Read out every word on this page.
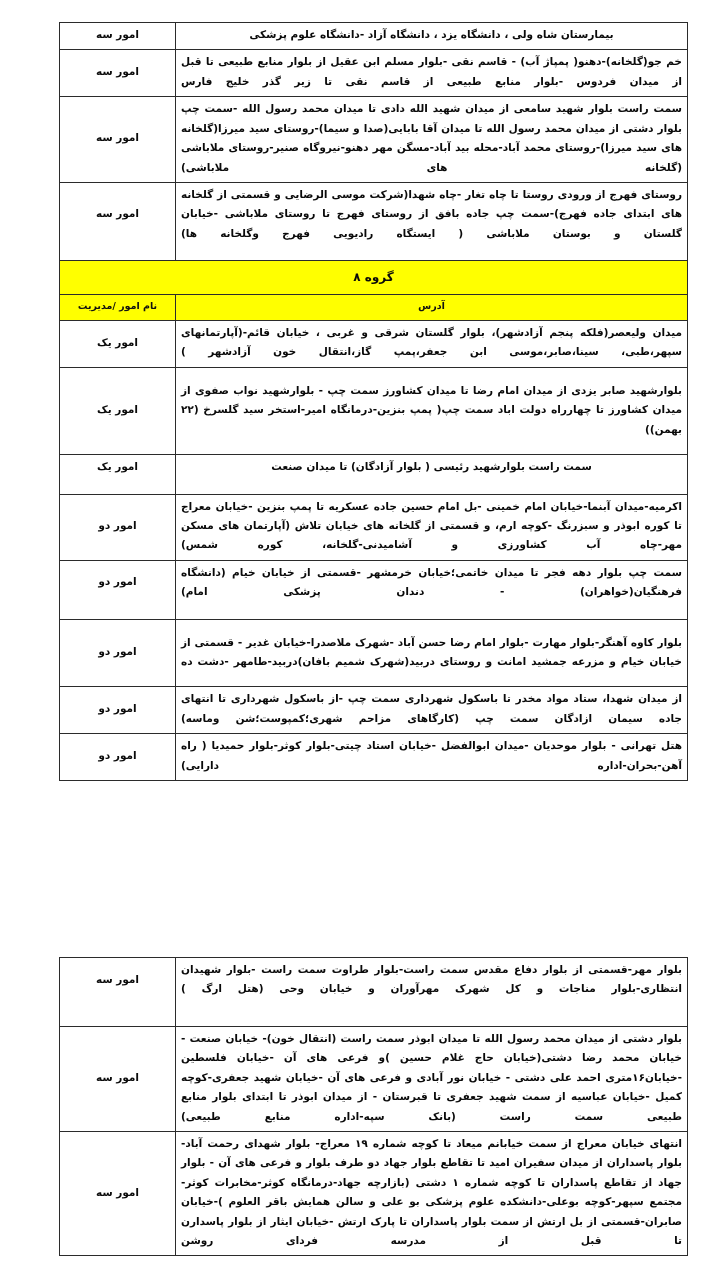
بیمارستان شاه ولی ، دانشگاه یزد ، دانشگاه آزاد -دانشگاه علوم پزشکی	امور سه
خم جو(گلخانه)-دهنو( پمپاژ آب) - قاسم نقی -بلوار مسلم ابن عقیل از بلوار منابع طبیعی تا قبل از میدان فردوس -بلوار منابع طبیعی از قاسم نقی تا زیر گذر خلیج فارس	امور سه
سمت راست بلوار شهید سامعی از میدان شهید الله دادی تا میدان محمد رسول الله -سمت چپ بلوار دشتی از میدان محمد رسول الله تا میدان آقا بابایی(صدا و سیما)-روستای سید میرزا(گلخانه های سید میرزا)-روستای محمد آباد-محله بید آباد-مسگن مهر دهنو-نیروگاه صنیر-روستای ملاباشی (گلخانه های ملاباشی)	امور سه
روستای فهرج از ورودی روستا تا چاه تغار -چاه شهدا(شرکت موسی الرضایی و قسمتی از گلخانه های ابتدای جاده فهرج)-سمت چپ جاده بافق از روستای فهرج تا روستای ملاباشی -خیابان گلستان و بوستان ملاباشی ( ایستگاه رادیویی فهرج وگلخانه ها)	امور سه
گروه ۸	
آدرس	نام امور /مدیریت
میدان ولیعصر(فلکه پنجم آزادشهر)، بلوار گلستان شرقی و غربی ، خیابان قائم-(آپارتمانهای سپهر،طبی، سینا،صابر،موسی ابن جعفر،پمپ گاز،انتقال خون آزادشهر )	امور یک
بلوارشهید صابر یزدی از میدان امام رضا تا میدان کشاورز سمت چپ - بلوارشهید نواب صفوی از میدان کشاورز تا چهارراه دولت اباد سمت چپ( پمپ بنزین-درمانگاه امیر-استخر سید گلسرخ (۲۲ بهمن))	امور یک
سمت راست بلوارشهید رئیسی ( بلوار آزادگان) تا میدان صنعت	امور یک
اکرمیه-میدان آبنما-خیابان امام خمینی -بل امام حسین جاده عسکریه تا پمپ بنزین -خیابان معراج تا کوره ابوذر و سبزرنگ -کوچه ارم، و قسمتی از گلخانه های خیابان تلاش (آپارتمان های مسکن مهر-چاه آب کشاورزی و آشامیدنی-گلخانه، کوره شمس)	امور دو
سمت چپ بلوار دهه فجر تا میدان خاتمی؛خیابان خرمشهر -قسمتی از خیابان خیام (دانشگاه فرهنگیان(خواهران) - دندان پزشکی امام)	امور دو
بلوار کاوه آهنگر-بلوار مهارت -بلوار امام رضا حسن آباد -شهرک ملاصدرا-خیابان غدیر - قسمتی از خیابان خیام و مزرعه جمشید امانت و روستای دربید(شهرک شمیم بافان)دربید-طامهر -دشت ده	امور دو
از میدان شهدا، ستاد مواد مخدر تا باسکول شهرداری سمت چپ -از باسکول شهرداری تا انتهای جاده سیمان ازادگان سمت چپ (کارگاهای مزاحم شهری؛کمپوست؛شن وماسه)	امور دو
هتل تهرانی - بلوار موحدیان -میدان ابوالفضل -خیابان استاد چیتی-بلوار کوثر-بلوار حمیدیا ( راه آهن-بحران-اداره دارایی)	امور دو
بلوار مهر-قسمتی از بلوار دفاع مقدس سمت راست-بلوار طراوت سمت راست -بلوار شهیدان انتظاری-بلوار مناجات و کل شهرک مهرآوران و خیابان وحی (هتل ارگ )	امور سه
بلوار دشتی از میدان محمد رسول الله تا میدان ابوذر سمت راست (انتقال خون)- خیابان صنعت - خیابان محمد رضا دشتی(خیابان حاج غلام حسین )و فرعی های آن -خیابان فلسطین -خیابان۱۶متری احمد علی دشتی - خیابان نور آبادی و فرعی های آن -خیابان شهید جعفری-کوچه کمیل -خیابان عباسیه از سمت شهید جعفری تا قبرستان - از میدان ابوذر تا ابتدای بلوار منابع طبیعی سمت راست (بانک سپه-اداره منابع طبیعی)	امور سه
انتهای خیابان معراج از سمت خیابانم میعاد تا کوچه شماره ۱۹ معراج- بلوار شهدای رحمت آباد-بلوار پاسداران از میدان سفیران امید تا تقاطع بلوار جهاد دو طرف بلوار و فرعی های آن - بلوار جهاد از تقاطع پاسداران تا کوچه شماره ۱ دشتی (بازارچه جهاد-درمانگاه کوثر-مخابرات کوثر-مجتمع سپهر-کوچه بوعلی-دانشکده علوم پزشکی بو علی و سالن همایش باقر العلوم )-خیابان صابران-قسمتی از بل ارتش از سمت بلوار پاسداران تا پارک ارتش -خیابان ایثار از بلوار پاسدارن تا قبل از مدرسه فردای روشن	امور سه
